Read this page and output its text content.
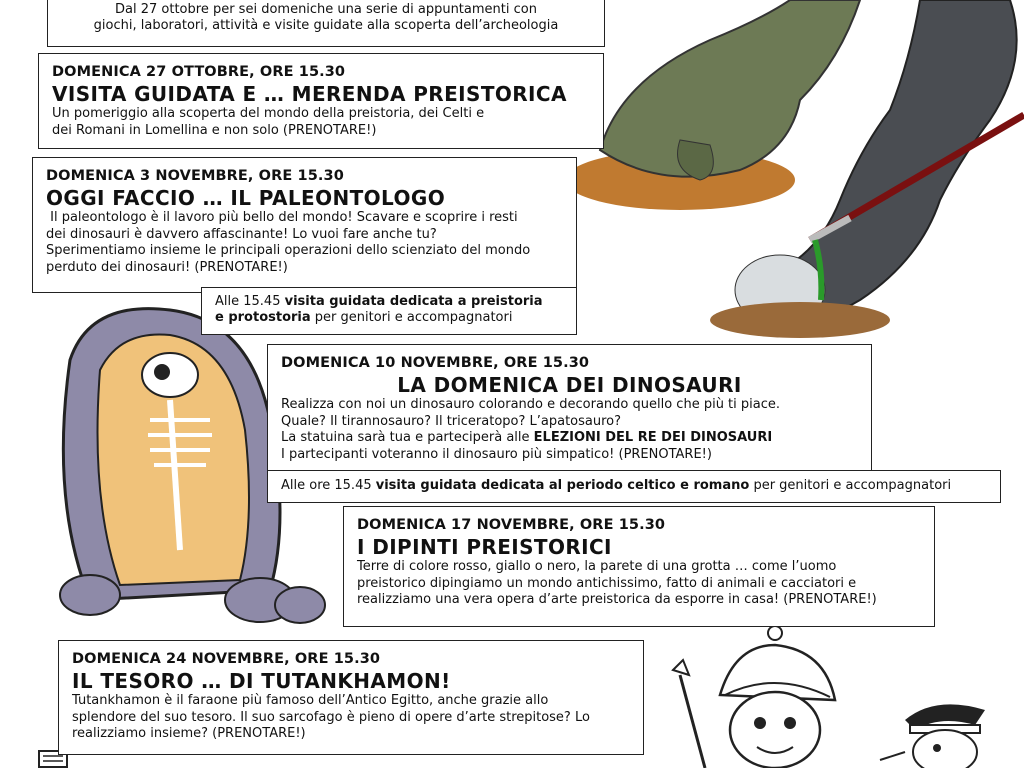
Dal 27 ottobre per sei domeniche una serie di appuntamenti con
giochi, laboratori, attività e visite guidate alla scoperta dell’archeologia
DOMENICA 27 OTTOBRE, ORE 15.30
VISITA GUIDATA E … MERENDA PREISTORICA
Un pomeriggio alla scoperta del mondo della preistoria, dei Celti e
dei Romani in Lomellina e non solo (PRENOTARE!)
DOMENICA 3 NOVEMBRE, ORE 15.30
OGGI FACCIO … IL PALEONTOLOGO
Il paleontologo è il lavoro più bello del mondo! Scavare e scoprire i resti
dei dinosauri è davvero affascinante! Lo vuoi fare anche tu?
Sperimentiamo insieme le principali operazioni dello scienziato del mondo
perduto dei dinosauri! (PRENOTARE!)
Alle 15.45 visita guidata dedicata a preistoria
e protostoria per genitori e accompagnatori
DOMENICA 10 NOVEMBRE, ORE 15.30
LA DOMENICA DEI DINOSAURI
Realizza con noi un dinosauro colorando e decorando quello che più ti piace.
Quale? Il tirannosauro? Il triceratopo? L’apatosauro?
La statuina sarà tua e parteciperà alle ELEZIONI DEL RE DEI DINOSAURI
I partecipanti voteranno il dinosauro più simpatico! (PRENOTARE!)
Alle ore 15.45 visita guidata dedicata al periodo celtico e romano per genitori e accompagnatori
DOMENICA 17 NOVEMBRE, ORE 15.30
I DIPINTI PREISTORICI
Terre di colore rosso, giallo o nero, la parete di una grotta … come l’uomo
preistorico dipingiamo un mondo antichissimo, fatto di animali e cacciatori e
realizziamo una vera opera d’arte preistorica da esporre in casa! (PRENOTARE!)
DOMENICA 24 NOVEMBRE, ORE 15.30
IL TESORO … DI TUTANKHAMON!
Tutankhamon è il faraone più famoso dell’Antico Egitto, anche grazie allo
splendore del suo tesoro. Il suo sarcofago è pieno di opere d’arte strepitose? Lo
realizziamo insieme? (PRENOTARE!)
